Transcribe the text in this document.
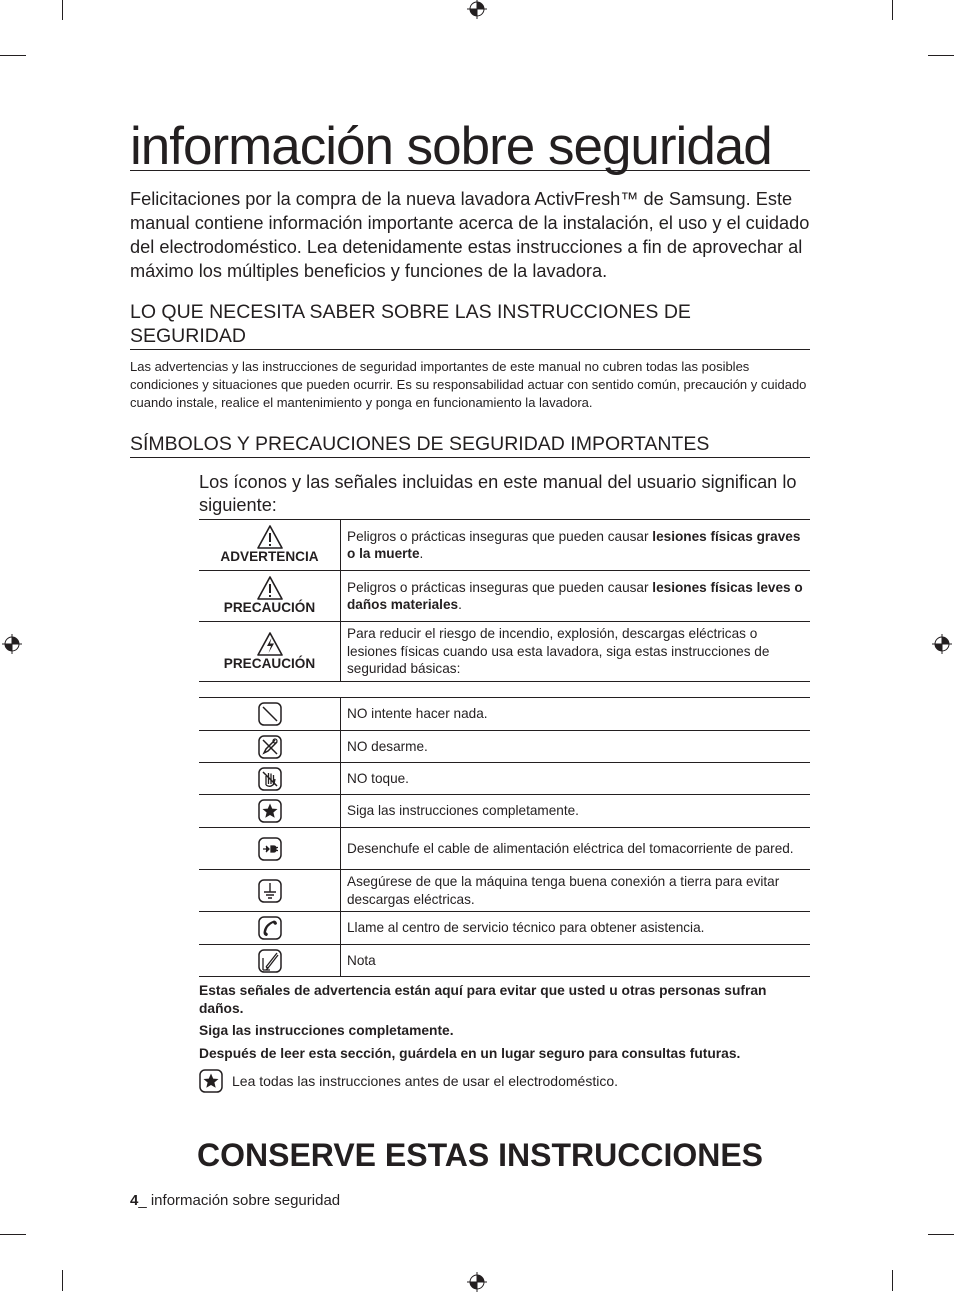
información sobre seguridad

Felicitaciones por la compra de la nueva lavadora ActivFresh™ de Samsung. Este manual contiene información importante acerca de la instalación, el uso y el cuidado del electrodoméstico. Lea detenidamente estas instrucciones a fin de aprovechar al máximo los múltiples beneficios y funciones de la lavadora.

LO QUE NECESITA SABER SOBRE LAS INSTRUCCIONES DE SEGURIDAD

Las advertencias y las instrucciones de seguridad importantes de este manual no cubren todas las posibles condiciones y situaciones que pueden ocurrir. Es su responsabilidad actuar con sentido común, precaución y cuidado cuando instale, realice el mantenimiento y ponga en funcionamiento la lavadora.

SÍMBOLOS Y PRECAUCIONES DE SEGURIDAD IMPORTANTES

Los íconos y las señales incluidas en este manual del usuario significan lo siguiente:

ADVERTENCIA	Peligros o prácticas inseguras que pueden causar lesiones físicas graves o la muerte.

PRECAUCIÓN	Peligros o prácticas inseguras que pueden causar lesiones físicas leves o daños materiales.

PRECAUCIÓN	Para reducir el riesgo de incendio, explosión, descargas eléctricas o lesiones físicas cuando usa esta lavadora, siga estas instrucciones de seguridad básicas:
	NO intente hacer nada.
	NO desarme.
	NO toque.
	Siga las instrucciones completamente.
	Desenchufe el cable de alimentación eléctrica del tomacorriente de pared.
	Asegúrese de que la máquina tenga buena conexión a tierra para evitar descargas eléctricas.
	Llame al centro de servicio técnico para obtener asistencia.
	Nota

Estas señales de advertencia están aquí para evitar que usted u otras personas sufran daños.

Siga las instrucciones completamente.

Después de leer esta sección, guárdela en un lugar seguro para consultas futuras.

Lea todas las instrucciones antes de usar el electrodoméstico.
CONSERVE ESTAS INSTRUCCIONES
4_ información sobre seguridad
